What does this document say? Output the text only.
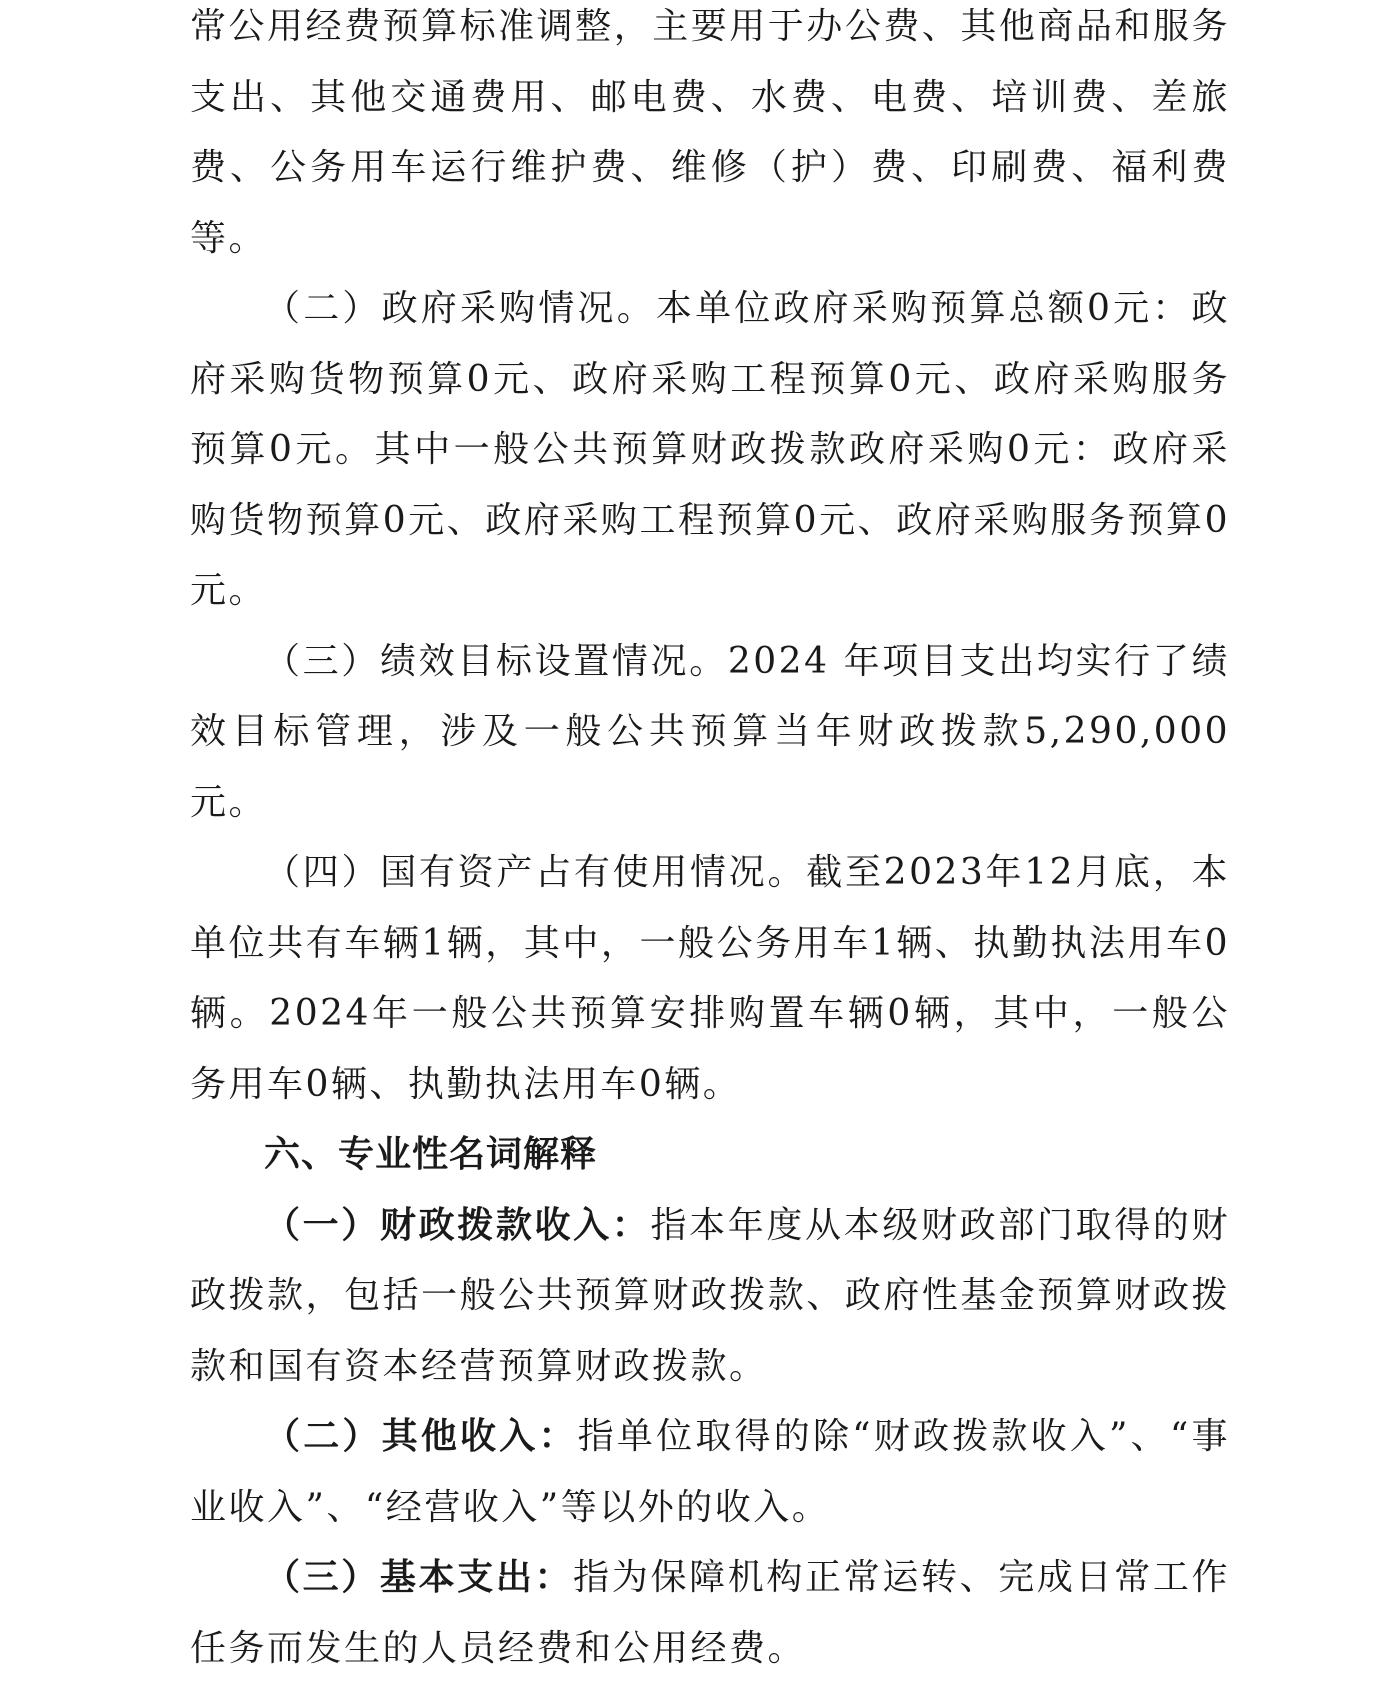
常公用经费预算标准调整，主要用于办公费、其他商品和服务支出、其他交通费用、邮电费、水费、电费、培训费、差旅费、公务用车运行维护费、维修（护）费、印刷费、福利费等。

（二）政府采购情况。本单位政府采购预算总额0元：政府采购货物预算0元、政府采购工程预算0元、政府采购服务预算0元。其中一般公共预算财政拨款政府采购0元：政府采购货物预算0元、政府采购工程预算0元、政府采购服务预算0元。

（三）绩效目标设置情况。2024 年项目支出均实行了绩效目标管理，涉及一般公共预算当年财政拨款5,290,000元。

（四）国有资产占有使用情况。截至2023年12月底，本单位共有车辆1辆，其中，一般公务用车1辆、执勤执法用车0辆。2024年一般公共预算安排购置车辆0辆，其中，一般公务用车0辆、执勤执法用车0辆。

六、专业性名词解释

（一）财政拨款收入：指本年度从本级财政部门取得的财政拨款，包括一般公共预算财政拨款、政府性基金预算财政拨款和国有资本经营预算财政拨款。

（二）其他收入：指单位取得的除“财政拨款收入”、“事业收入”、“经营收入”等以外的收入。

（三）基本支出：指为保障机构正常运转、完成日常工作任务而发生的人员经费和公用经费。
